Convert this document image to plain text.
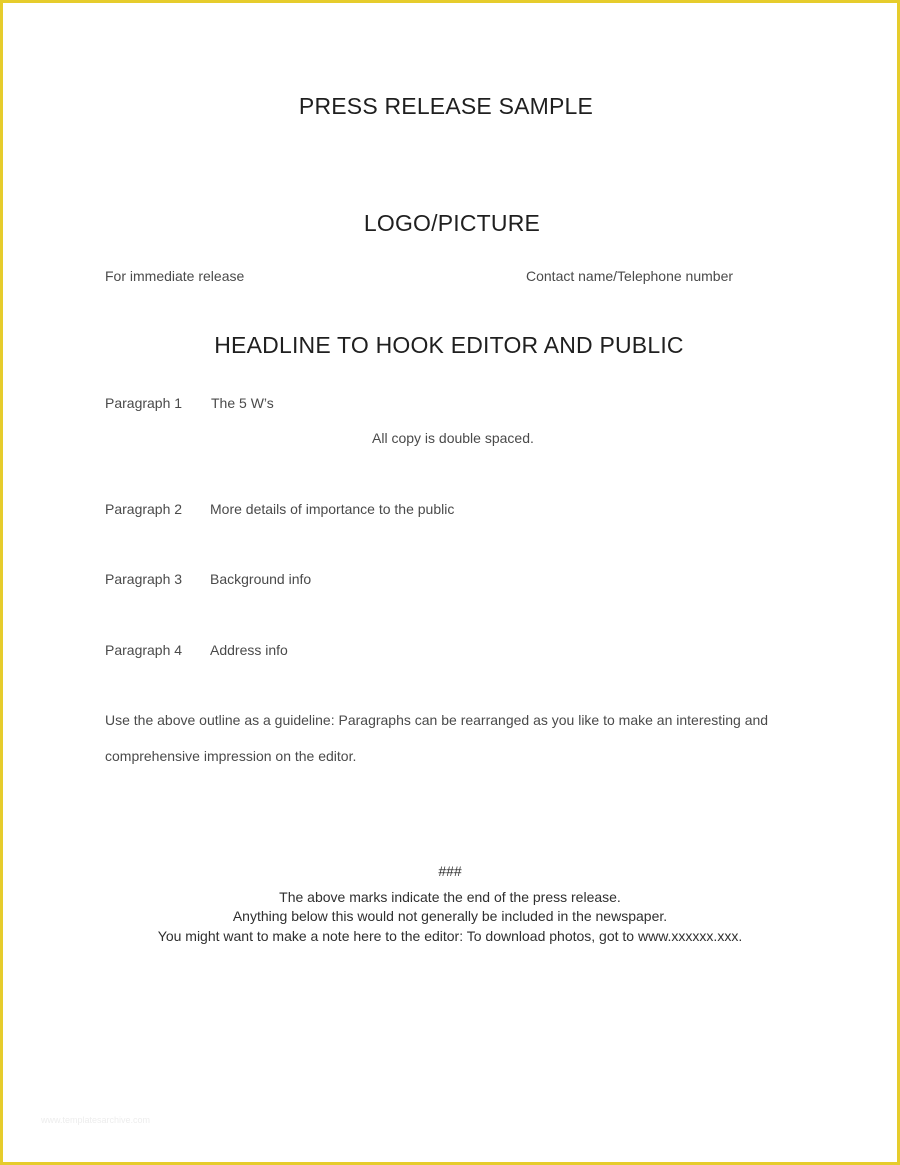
PRESS RELEASE SAMPLE
LOGO/PICTURE
For immediate release	Contact name/Telephone number
HEADLINE TO HOOK EDITOR AND PUBLIC
Paragraph 1 The 5 W’s
All copy is double spaced.
Paragraph 2 More details of importance to the public
Paragraph 3 Background info
Paragraph 4 Address info
Use the above outline as a guideline: Paragraphs can be rearranged as you like to make an interesting and
comprehensive impression on the editor.
###
The above marks indicate the end of the press release.
Anything below this would not generally be included in the newspaper.
You might want to make a note here to the editor: To download photos, got to www.xxxxxx.xxx.
www.templatesarchive.com
